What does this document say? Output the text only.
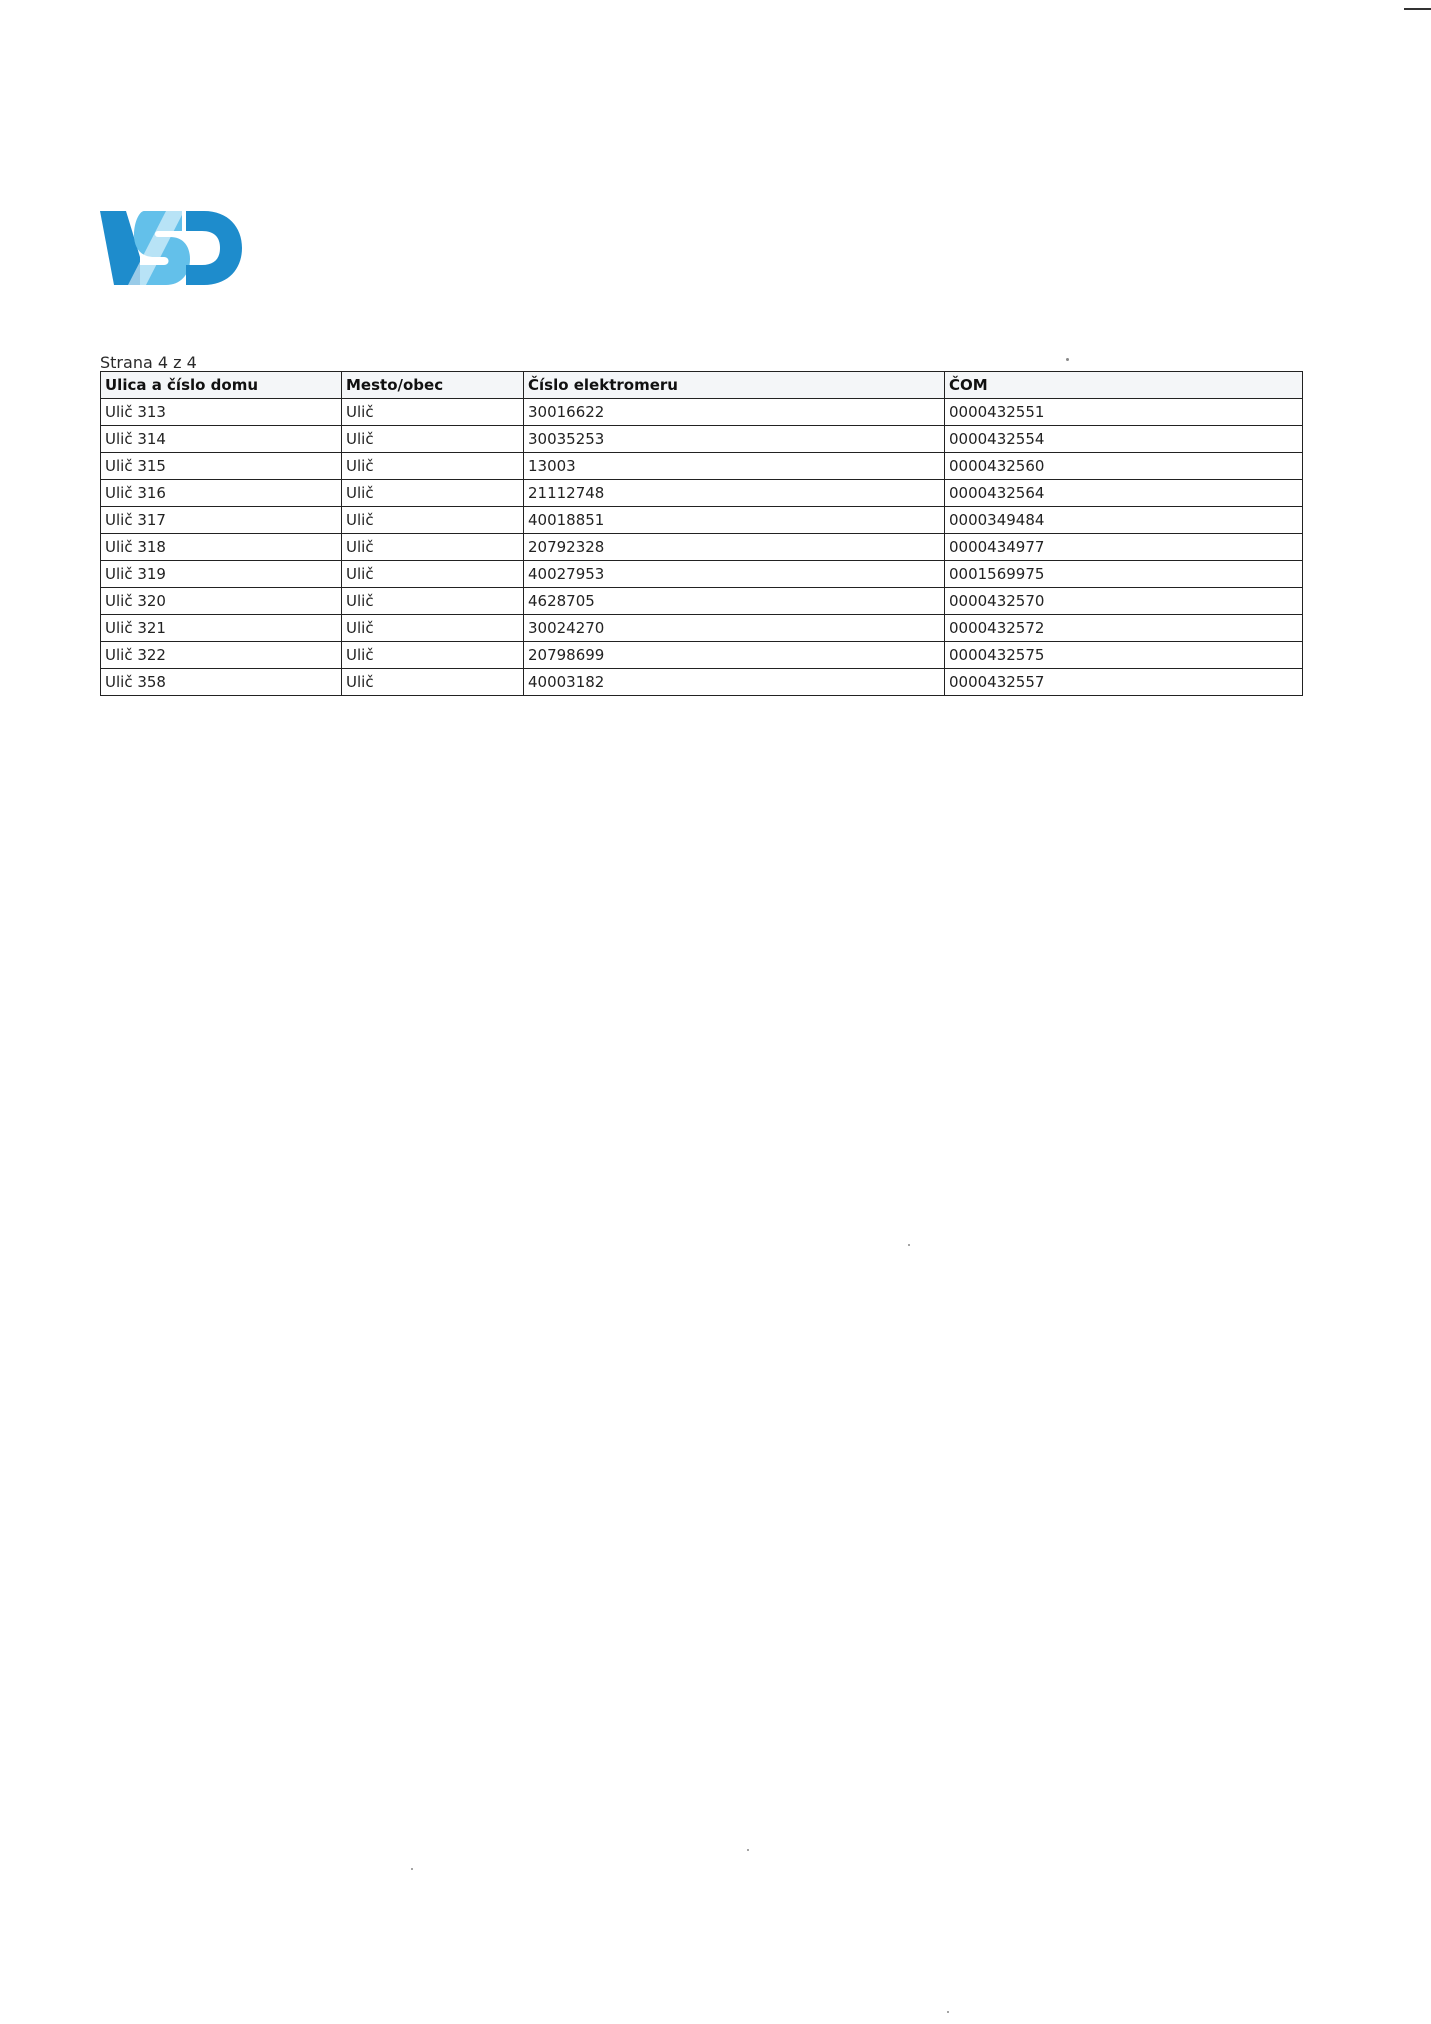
Strana 4 z 4
Ulica a číslo domu	Mesto/obec	Číslo elektromeru	ČOM
Ulič 313	Ulič	30016622	0000432551
Ulič 314	Ulič	30035253	0000432554
Ulič 315	Ulič	13003	0000432560
Ulič 316	Ulič	21112748	0000432564
Ulič 317	Ulič	40018851	0000349484
Ulič 318	Ulič	20792328	0000434977
Ulič 319	Ulič	40027953	0001569975
Ulič 320	Ulič	4628705	0000432570
Ulič 321	Ulič	30024270	0000432572
Ulič 322	Ulič	20798699	0000432575
Ulič 358	Ulič	40003182	0000432557
